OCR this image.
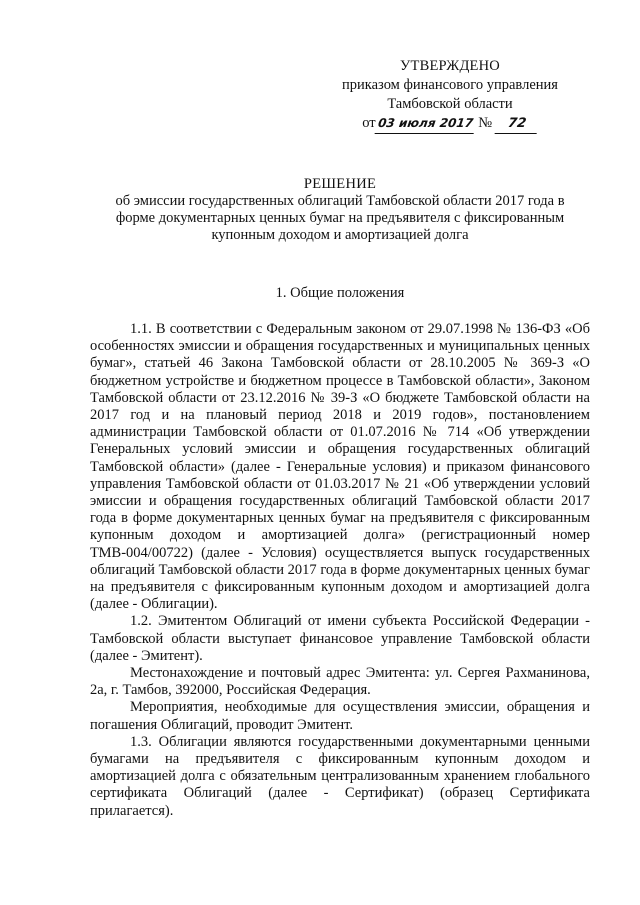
УТВЕРЖДЕНО
приказом финансового управления
Тамбовской области
от03 июля 2017 № 72
РЕШЕНИЕ
об эмиссии государственных облигаций Тамбовской области 2017 года в форме документарных ценных бумаг на предъявителя с фиксированным купонным доходом и амортизацией долга
1. Общие положения

1.1. В соответствии с Федеральным законом от 29.07.1998 № 136-ФЗ «Об особенностях эмиссии и обращения государственных и муниципальных ценных бумаг», статьей 46 Закона Тамбовской области от 28.10.2005 № 369-З «О бюджетном устройстве и бюджетном процессе в Тамбовской области», Законом Тамбовской области от 23.12.2016 № 39-З «О бюджете Тамбовской области на 2017 год и на плановый период 2018 и 2019 годов», постановлением администрации Тамбовской области от 01.07.2016 № 714 «Об утверждении Генеральных условий эмиссии и обращения государственных облигаций Тамбовской области» (далее - Генеральные условия) и приказом финансового управления Тамбовской области от 01.03.2017 № 21 «Об утверждении условий эмиссии и обращения государственных облигаций Тамбовской области 2017 года в форме документарных ценных бумаг на предъявителя с фиксированным купонным доходом и амортизацией долга» (регистрационный номер ТМВ-004/00722) (далее - Условия) осуществляется выпуск государственных облигаций Тамбовской области 2017 года в форме документарных ценных бумаг на предъявителя с фиксированным купонным доходом и амортизацией долга (далее - Облигации).

1.2. Эмитентом Облигаций от имени субъекта Российской Федерации - Тамбовской области выступает финансовое управление Тамбовской области (далее - Эмитент).

Местонахождение и почтовый адрес Эмитента: ул. Сергея Рахманинова, 2а, г. Тамбов, 392000, Российская Федерация.

Мероприятия, необходимые для осуществления эмиссии, обращения и погашения Облигаций, проводит Эмитент.

1.3. Облигации являются государственными документарными ценными бумагами на предъявителя с фиксированным купонным доходом и амортизацией долга с обязательным централизованным хранением глобального сертификата Облигаций (далее - Сертификат) (образец Сертификата прилагается).
